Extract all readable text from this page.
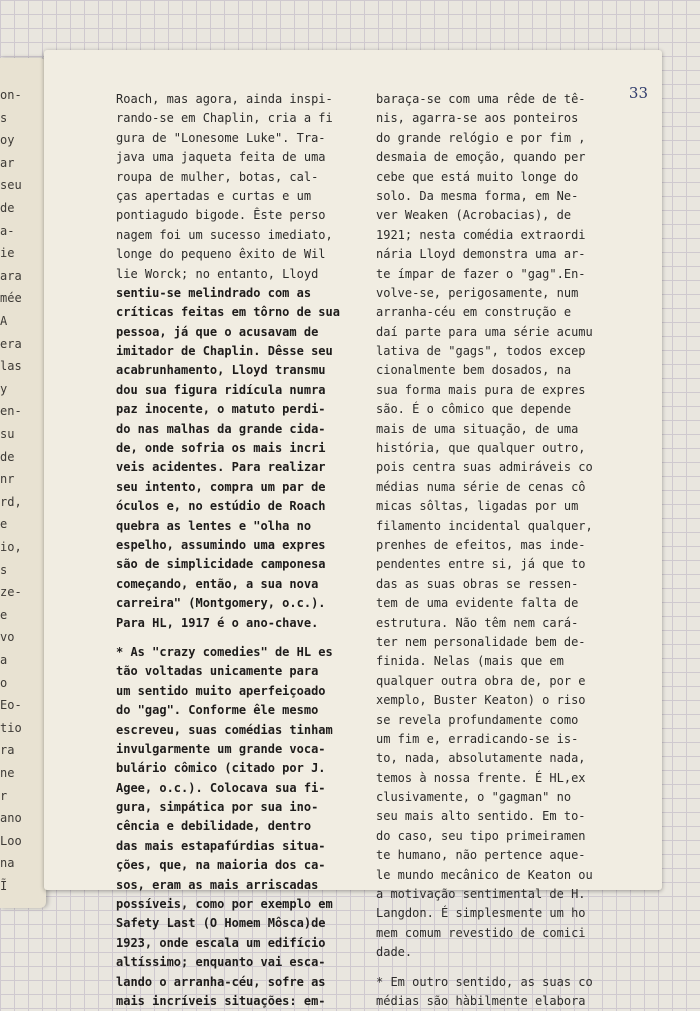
on-
s
oy
ar
seu
de
a-
ie
ara
mée
A
era
las
y
en-
su
de
nr
rd,
e
io,
s
ze-
e
vo
a
o
Eo-
tio
ra
ne
r
ano
Loo
na
Ĩ
33
Roach, mas agora, ainda inspi-
rando-se em Chaplin, cria a fi
gura de "Lonesome Luke". Tra-
java uma jaqueta feita de uma
roupa de mulher, botas, cal-
ças apertadas e curtas e um
pontiagudo bigode. Êste perso
nagem foi um sucesso imediato,
longe do pequeno êxito de Wil
lie Worck; no entanto, Lloyd
sentiu-se melindrado com as
críticas feitas em tôrno de sua
pessoa, já que o acusavam de
imitador de Chaplin. Dêsse seu
acabrunhamento, Lloyd transmu
dou sua figura ridícula numra
paz inocente, o matuto perdi-
do nas malhas da grande cida-
de, onde sofria os mais incri
veis acidentes. Para realizar
seu intento, compra um par de
óculos e, no estúdio de Roach
quebra as lentes e "olha no
espelho, assumindo uma expres
são de simplicidade camponesa
começando, então, a sua nova
carreira" (Montgomery, o.c.).
Para HL, 1917 é o ano-chave.
* As "crazy comedies" de HL es
tão voltadas unicamente para
um sentido muito aperfeiçoado
do "gag". Conforme êle mesmo
escreveu, suas comédias tinham
invulgarmente um grande voca-
bulário cômico (citado por J.
Agee, o.c.). Colocava sua fi-
gura, simpática por sua ino-
cência e debilidade, dentro
das mais estapafúrdias situa-
ções, que, na maioria dos ca-
sos, eram as mais arriscadas
possíveis, como por exemplo em
Safety Last (O Homem Môsca)de
1923, onde escala um edifício
altíssimo; enquanto vai esca-
lando o arranha-céu, sofre as
mais incríveis situações: em-
baraça-se com uma rêde de tê-
nis, agarra-se aos ponteiros
do grande relógio e por fim ,
desmaia de emoção, quando per
cebe que está muito longe do
solo. Da mesma forma, em Ne-
ver Weaken (Acrobacias), de
1921; nesta comédia extraordi
nária Lloyd demonstra uma ar-
te ímpar de fazer o "gag".En-
volve-se, perigosamente, num
arranha-céu em construção e
daí parte para uma série acumu
lativa de "gags", todos excep
cionalmente bem dosados, na
sua forma mais pura de expres
são. É o cômico que depende
mais de uma situação, de uma
história, que qualquer outro,
pois centra suas admiráveis co
médias numa série de cenas cô
micas sôltas, ligadas por um
filamento incidental qualquer,
prenhes de efeitos, mas inde-
pendentes entre si, já que to
das as suas obras se ressen-
tem de uma evidente falta de
estrutura. Não têm nem cará-
ter nem personalidade bem de-
finida. Nelas (mais que em
qualquer outra obra de, por e
xemplo, Buster Keaton) o riso
se revela profundamente como
um fim e, erradicando-se is-
to, nada, absolutamente nada,
temos à nossa frente. É HL,ex
clusivamente, o "gagman" no
seu mais alto sentido. Em to-
do caso, seu tipo primeiramen
te humano, não pertence aque-
le mundo mecânico de Keaton ou
a motivação sentimental de H.
Langdon. É simplesmente um ho
mem comum revestido de comici
dade.
* Em outro sentido, as suas co
médias são hàbilmente elabora
